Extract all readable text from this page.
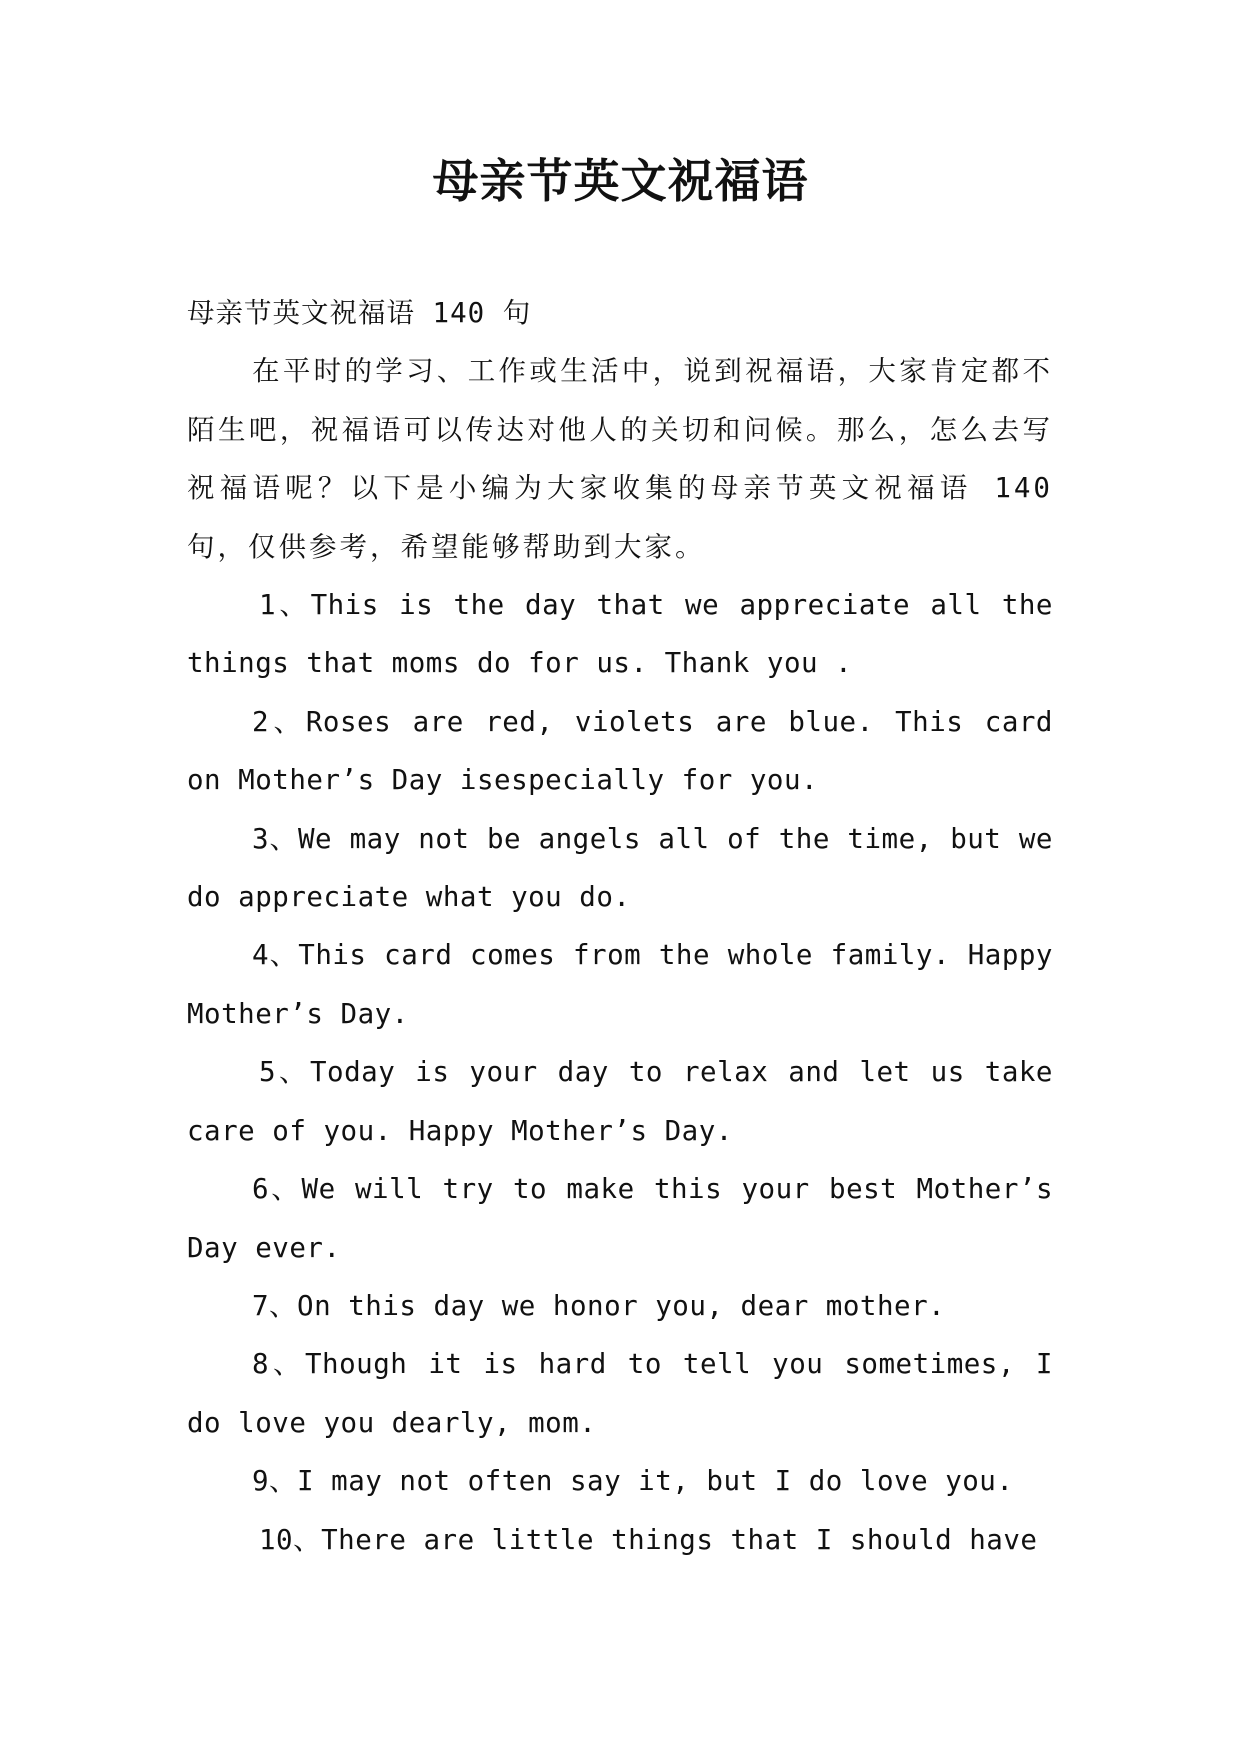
母亲节英文祝福语

母亲节英文祝福语 140 句

在平时的学习、工作或生活中，说到祝福语，大家肯定都不陌生吧，祝福语可以传达对他人的关切和问候。那么，怎么去写祝福语呢？以下是小编为大家收集的母亲节英文祝福语 140 句，仅供参考，希望能够帮助到大家。

1、This is the day that we appreciate all the things that moms do for us. Thank you .

2、Roses are red, violets are blue. This card on Mother’s Day isespecially for you.

3、We may not be angels all of the time, but we do appreciate what you do.

4、This card comes from the whole family. Happy Mother’s Day.

5、Today is your day to relax and let us take care of you. Happy Mother’s Day.

6、We will try to make this your best Mother’s Day ever.

7、On this day we honor you, dear mother.

8、Though it is hard to tell you sometimes, I do love you dearly, mom.

9、I may not often say it, but I do love you.

10、There are little things that I should have
